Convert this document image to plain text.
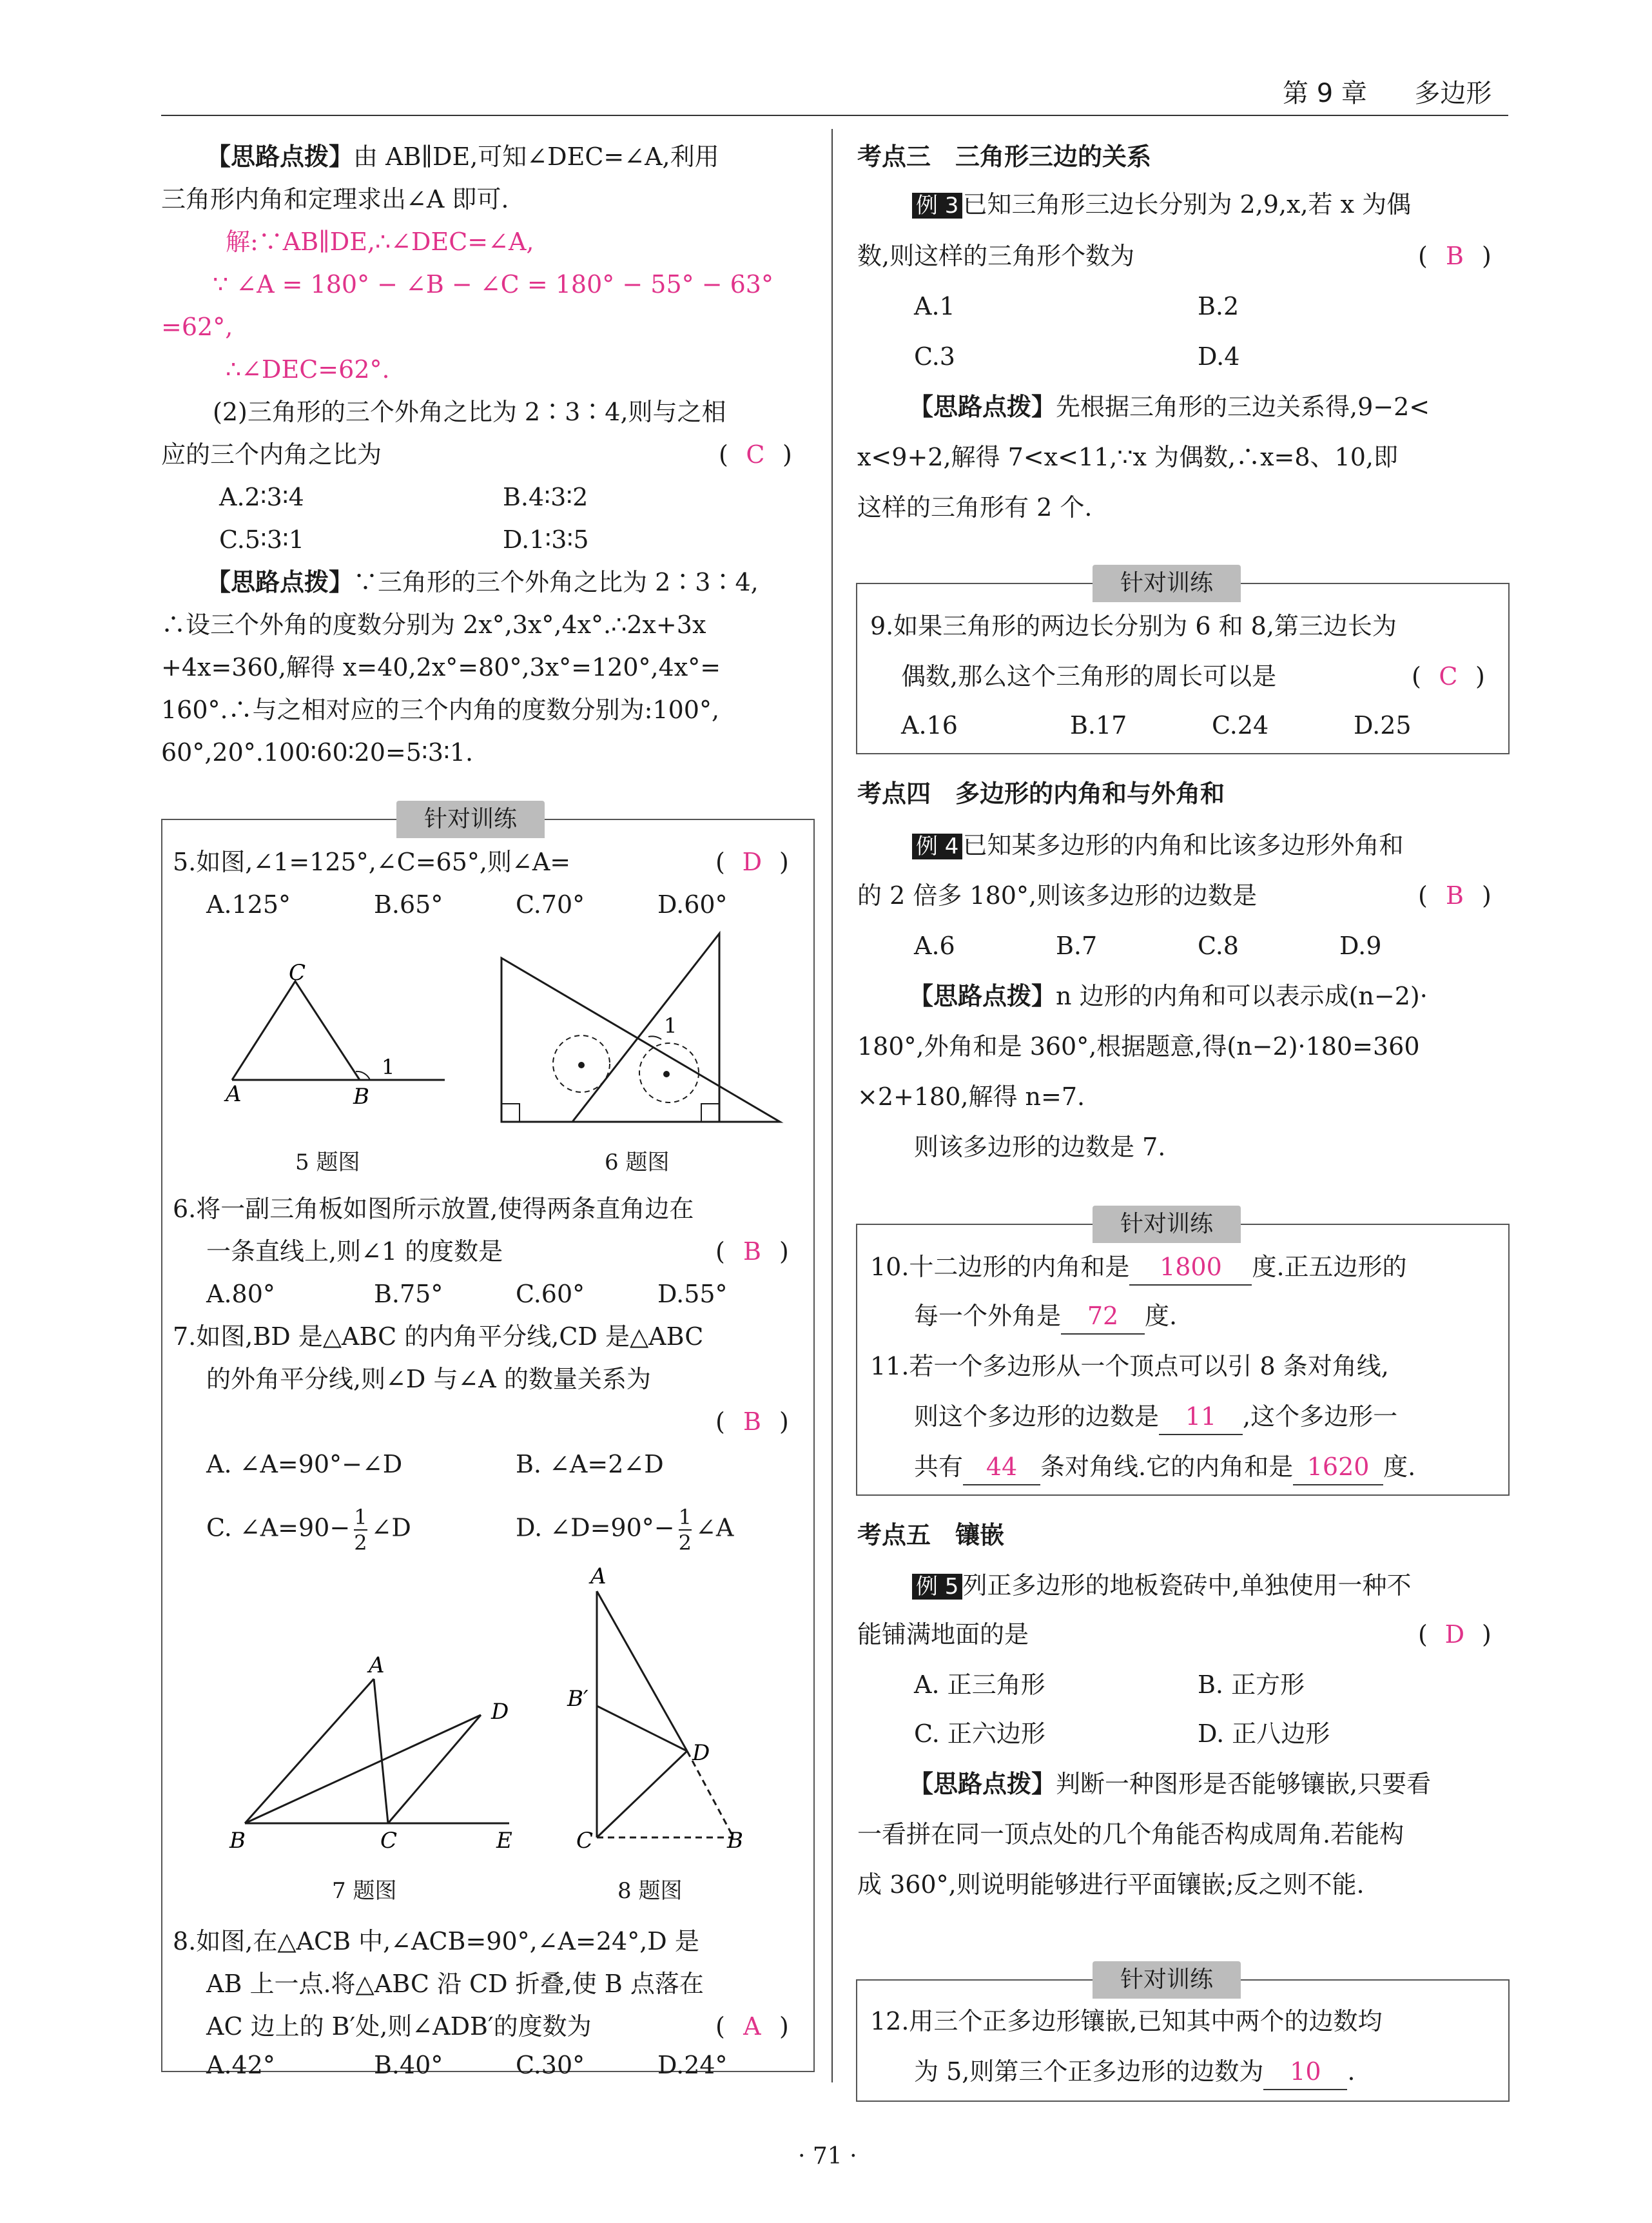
第 9 章 多边形
【思路点拨】由 AB∥DE,可知∠DEC=∠A,利用
三角形内角和定理求出∠A 即可.
解:∵AB∥DE,∴∠DEC=∠A,
∵ ∠A = 180° − ∠B − ∠C = 180° − 55° − 63°
=62°,
∴∠DEC=62°.
(2)三角形的三个外角之比为 2∶3∶4,则与之相
应的三个内角之比为	( C )
A.2∶3∶4	B.4∶3∶2
C.5∶3∶1	D.1∶3∶5
【思路点拨】∵三角形的三个外角之比为 2∶3∶4,
∴设三个外角的度数分别为 2x°,3x°,4x°.∴2x+3x
+4x=360,解得 x=40,2x°=80°,3x°=120°,4x°=
160°.∴与之相对应的三个内角的度数分别为:100°,
60°,20°.100∶60∶20=5∶3∶1.
针对训练
5.如图,∠1=125°,∠C=65°,则∠A=	( D )
A.125°	B.65°	C.70°	D.60°
C
A	B
1
5 题图
1
6 题图
6.将一副三角板如图所示放置,使得两条直角边在
一条直线上,则∠1 的度数是	( B )
A.80°	B.75°	C.60°	D.55°
7.如图,BD 是△ABC 的内角平分线,CD 是△ABC
的外角平分线,则∠D 与∠A 的数量关系为
( B )
A. ∠A=90°−∠D	B. ∠A=2∠D
C. ∠A=90− $\frac{1}{2}$ ∠D	D. ∠D=90°− $\frac{1}{2}$ ∠A
A
D
B	C	E
7 题图
A
B′
D
C	B
8 题图
8.如图,在△ACB 中,∠ACB=90°,∠A=24°,D 是
AB 上一点.将△ABC 沿 CD 折叠,使 B 点落在
AC 边上的 B′处,则∠ADB′的度数为	( A )
A.42°	B.40°	C.30°	D.24°
考点三　三角形三边的关系
例 3 已知三角形三边长分别为 2,9,x,若 x 为偶
数,则这样的三角形个数为	( B )
A.1	B.2
C.3	D.4
【思路点拨】先根据三角形的三边关系得,9−2<
x<9+2,解得 7<x<11,∵x 为偶数,∴x=8、10,即
这样的三角形有 2 个.
针对训练
9.如果三角形的两边长分别为 6 和 8,第三边长为
偶数,那么这个三角形的周长可以是	( C )
A.16	B.17	C.24	D.25
考点四　多边形的内角和与外角和
例 4 已知某多边形的内角和比该多边形外角和
的 2 倍多 180°,则该多边形的边数是	( B )
A.6	B.7	C.8	D.9
【思路点拨】n 边形的内角和可以表示成(n−2)·
180°,外角和是 360°,根据题意,得(n−2)·180=360
×2+180,解得 n=7.
则该多边形的边数是 7.
针对训练
10.十二边形的内角和是 1800 度.正五边形的
每一个外角是 72 度.
11.若一个多边形从一个顶点可以引 8 条对角线,
则这个多边形的边数是 11 ,这个多边形一
共有 44 条对角线.它的内角和是 1620 度.
考点五　镶嵌
例 5 列正多边形的地板瓷砖中,单独使用一种不
能铺满地面的是	( D )
A. 正三角形	B. 正方形
C. 正六边形	D. 正八边形
【思路点拨】判断一种图形是否能够镶嵌,只要看
一看拼在同一顶点处的几个角能否构成周角.若能构
成 360°,则说明能够进行平面镶嵌;反之则不能.
针对训练
12.用三个正多边形镶嵌,已知其中两个的边数均
为 5,则第三个正多边形的边数为 10 .
· 71 ·
